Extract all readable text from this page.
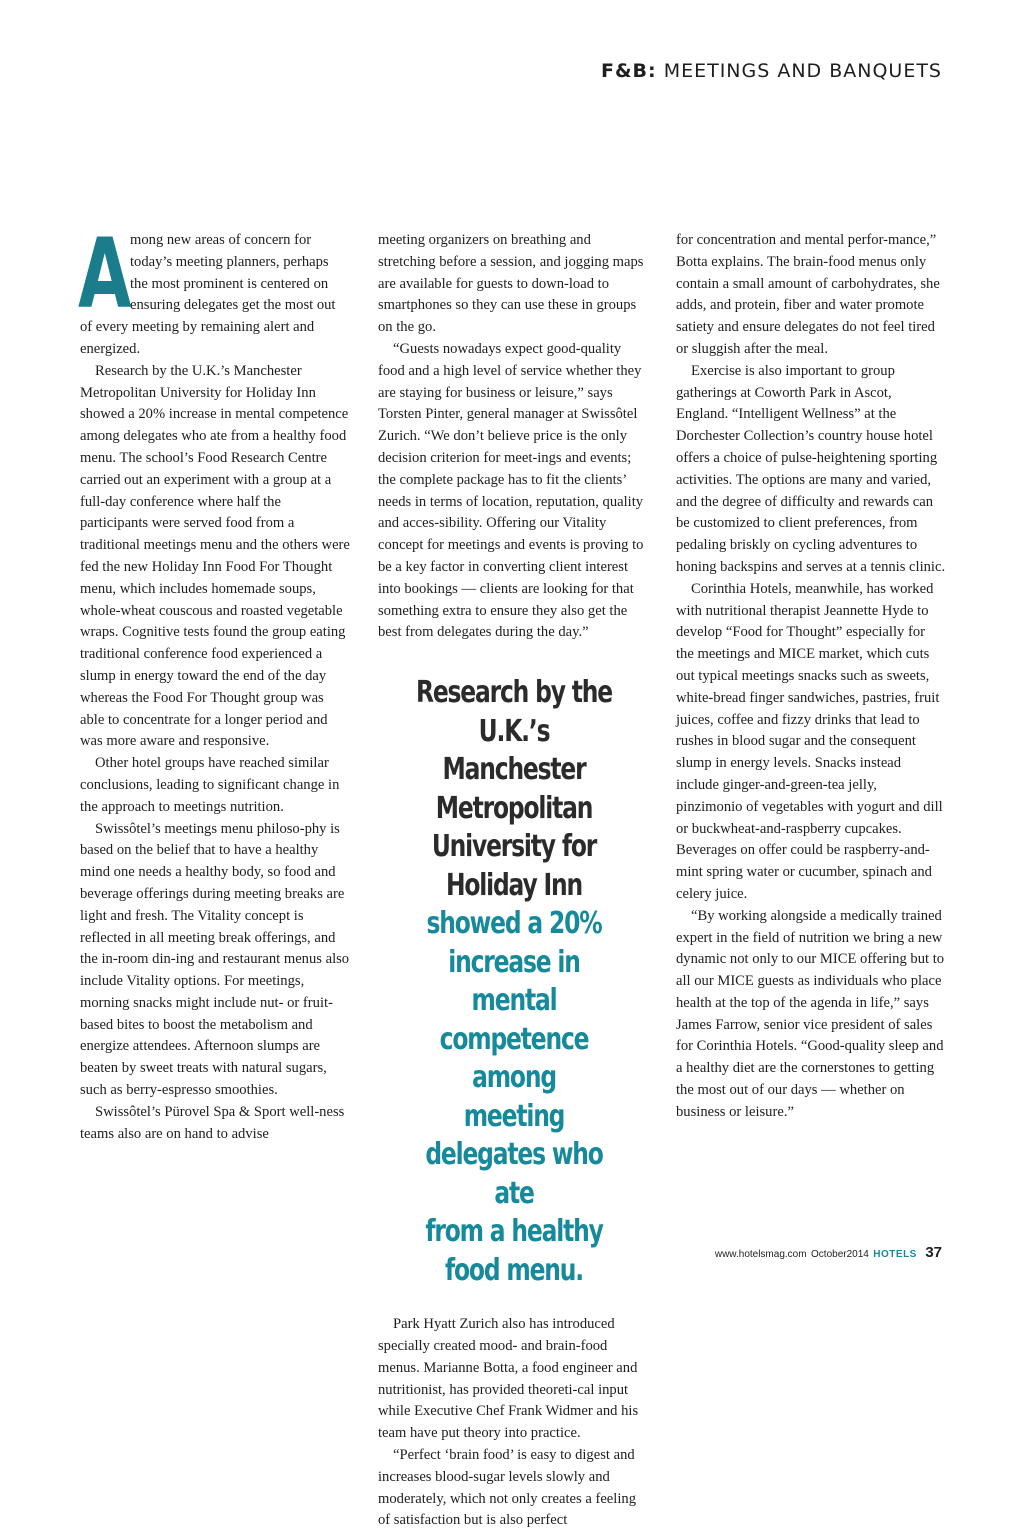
F&B: MEETINGS AND BANQUETS

A
mong new areas of concern for today’s meeting planners, perhaps the most prominent is centered on ensuring delegates get the most out of every meeting by remaining alert and energized.

Research by the U.K.’s Manchester Metropolitan University for Holiday Inn showed a 20% increase in mental competence among delegates who ate from a healthy food menu. The school’s Food Research Centre carried out an experiment with a group at a full-day conference where half the participants were served food from a traditional meetings menu and the others were fed the new Holiday Inn Food For Thought menu, which includes homemade soups, whole-wheat couscous and roasted vegetable wraps. Cognitive tests found the group eating traditional conference food experienced a slump in energy toward the end of the day whereas the Food For Thought group was able to concentrate for a longer period and was more aware and responsive.

Other hotel groups have reached similar conclusions, leading to significant change in the approach to meetings nutrition.

Swissôtel’s meetings menu philoso-phy is based on the belief that to have a healthy mind one needs a healthy body, so food and beverage offerings during meeting breaks are light and fresh. The Vitality concept is reflected in all meeting break offerings, and the in-room din-ing and restaurant menus also include Vitality options. For meetings, morning snacks might include nut- or fruit-based bites to boost the metabolism and energize attendees. Afternoon slumps are beaten by sweet treats with natural sugars, such as berry-espresso smoothies.

Swissôtel’s Pürovel Spa & Sport well-ness teams also are on hand to advise

meeting organizers on breathing and stretching before a session, and jogging maps are available for guests to down-load to smartphones so they can use these in groups on the go.

“Guests nowadays expect good-quality food and a high level of service whether they are staying for business or leisure,” says Torsten Pinter, general manager at Swissôtel Zurich. “We don’t believe price is the only decision criterion for meet-ings and events; the complete package has to fit the clients’ needs in terms of location, reputation, quality and acces-sibility. Offering our Vitality concept for meetings and events is proving to be a key factor in converting client interest into bookings — clients are looking for that something extra to ensure they also get the best from delegates during the day.”

Research by the U.K.’s
Manchester Metropolitan
University for Holiday Inn
showed a 20% increase in
mental competence among
meeting delegates who ate
from a healthy food menu.

Park Hyatt Zurich also has introduced specially created mood- and brain-food menus. Marianne Botta, a food engineer and nutritionist, has provided theoreti-cal input while Executive Chef Frank Widmer and his team have put theory into practice.

“Perfect ‘brain food’ is easy to digest and increases blood-sugar levels slowly and moderately, which not only creates a feeling of satisfaction but is also perfect

for concentration and mental perfor-mance,” Botta explains. The brain-food menus only contain a small amount of carbohydrates, she adds, and protein, fiber and water promote satiety and ensure delegates do not feel tired or sluggish after the meal.

Exercise is also important to group gatherings at Coworth Park in Ascot, England. “Intelligent Wellness” at the Dorchester Collection’s country house hotel offers a choice of pulse-heightening sporting activities. The options are many and varied, and the degree of difficulty and rewards can be customized to client preferences, from pedaling briskly on cycling adventures to honing backspins and serves at a tennis clinic.

Corinthia Hotels, meanwhile, has worked with nutritional therapist Jeannette Hyde to develop “Food for Thought” especially for the meetings and MICE market, which cuts out typical meetings snacks such as sweets, white-bread finger sandwiches, pastries, fruit juices, coffee and fizzy drinks that lead to rushes in blood sugar and the consequent slump in energy levels. Snacks instead include ginger-and-green-tea jelly, pinzimonio of vegetables with yogurt and dill or buckwheat-and-raspberry cupcakes. Beverages on offer could be raspberry-and-mint spring water or cucumber, spinach and celery juice.

“By working alongside a medically trained expert in the field of nutrition we bring a new dynamic not only to our MICE offering but to all our MICE guests as individuals who place health at the top of the agenda in life,” says James Farrow, senior vice president of sales for Corinthia Hotels. “Good-quality sleep and a healthy diet are the cornerstones to getting the most out of our days — whether on business or leisure.”

www.hotelsmag.com October2014 HOTELS 37
